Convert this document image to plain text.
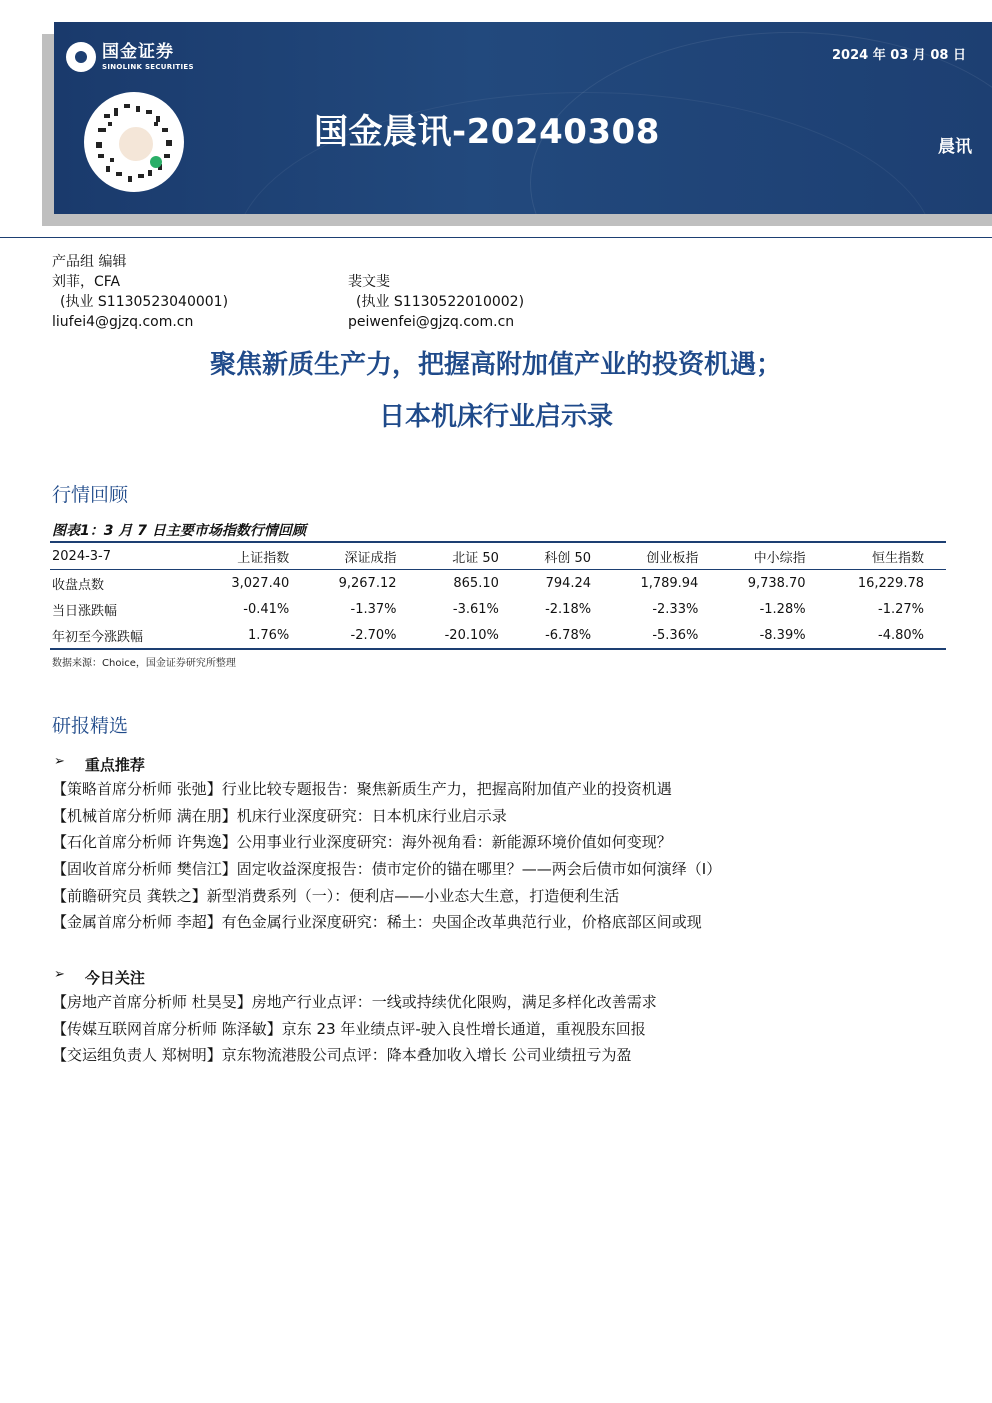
国金证券
SINOLINK SECURITIES
2024 年 03 月 08 日
国金晨讯-20240308	晨讯
产品组 编辑
刘菲，CFA
(执业 S1130523040001)
liufei4@gjzq.com.cn
裴文斐
(执业 S1130522010002)
peiwenfei@gjzq.com.cn
聚焦新质生产力，把握高附加值产业的投资机遇；
日本机床行业启示录
行情回顾
图表1：3 月 7 日主要市场指数行情回顾
2024-3-7	上证指数	深证成指	北证 50	科创 50	创业板指	中小综指	恒生指数
收盘点数	3,027.40	9,267.12	865.10	794.24	1,789.94	9,738.70	16,229.78
当日涨跌幅	-0.41%	-1.37%	-3.61%	-2.18%	-2.33%	-1.28%	-1.27%
年初至今涨跌幅	1.76%	-2.70%	-20.10%	-6.78%	-5.36%	-8.39%	-4.80%
数据来源：Choice，国金证券研究所整理
研报精选
➢ 重点推荐
【策略首席分析师 张弛】行业比较专题报告：聚焦新质生产力，把握高附加值产业的投资机遇
【机械首席分析师 满在朋】机床行业深度研究：日本机床行业启示录
【石化首席分析师 许隽逸】公用事业行业深度研究：海外视角看：新能源环境价值如何变现？
【固收首席分析师 樊信江】固定收益深度报告：债市定价的锚在哪里？——两会后债市如何演绎（I）
【前瞻研究员 龚轶之】新型消费系列（一）：便利店——小业态大生意，打造便利生活
【金属首席分析师 李超】有色金属行业深度研究：稀土：央国企改革典范行业，价格底部区间或现
➢ 今日关注
【房地产首席分析师 杜昊旻】房地产行业点评：一线或持续优化限购，满足多样化改善需求
【传媒互联网首席分析师 陈泽敏】京东 23 年业绩点评-驶入良性增长通道，重视股东回报
【交运组负责人 郑树明】京东物流港股公司点评：降本叠加收入增长 公司业绩扭亏为盈
